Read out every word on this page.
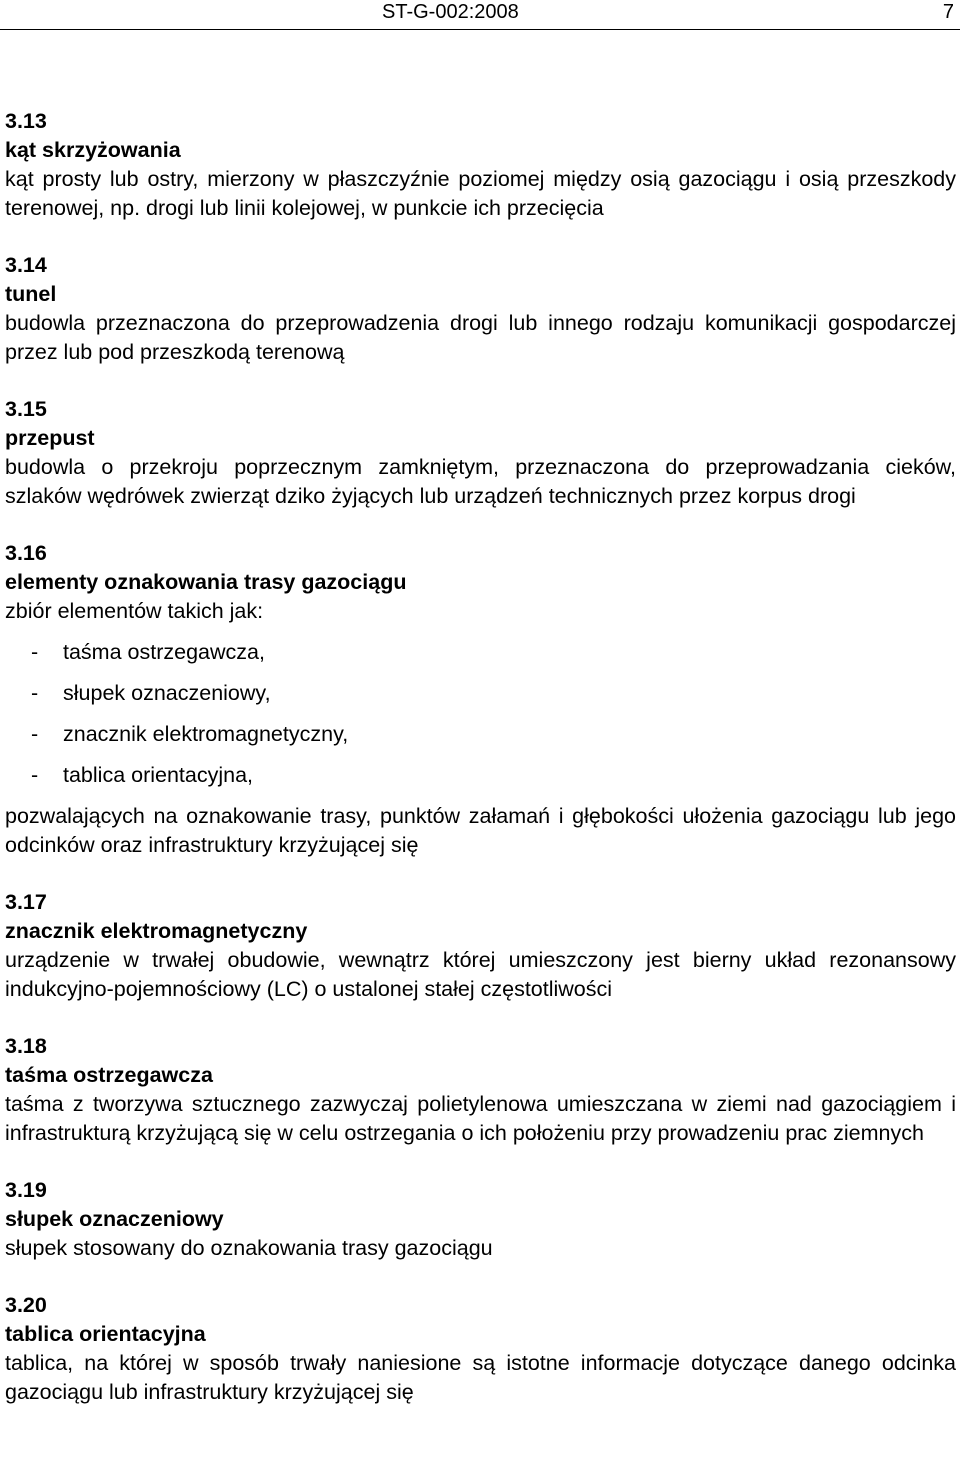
ST-G-002:2008	7
3.13
kąt skrzyżowania
kąt prosty lub ostry, mierzony w płaszczyźnie poziomej między osią gazociągu i osią przeszkody terenowej, np. drogi lub linii kolejowej, w punkcie ich przecięcia
3.14
tunel
budowla przeznaczona do przeprowadzenia drogi lub innego rodzaju komunikacji gospodarczej przez lub pod przeszkodą terenową
3.15
przepust
budowla o przekroju poprzecznym zamkniętym, przeznaczona do przeprowadzania cieków, szlaków wędrówek zwierząt dziko żyjących lub urządzeń technicznych przez korpus drogi
3.16
elementy oznakowania trasy gazociągu
zbiór elementów takich jak:
- taśma ostrzegawcza,
- słupek oznaczeniowy,
- znacznik elektromagnetyczny,
- tablica orientacyjna,
pozwalających na oznakowanie trasy, punktów załamań i głębokości ułożenia gazociągu lub jego odcinków oraz infrastruktury krzyżującej się
3.17
znacznik elektromagnetyczny
urządzenie w trwałej obudowie, wewnątrz której umieszczony jest bierny układ rezonansowy indukcyjno-pojemnościowy (LC) o ustalonej stałej częstotliwości
3.18
taśma ostrzegawcza
taśma z tworzywa sztucznego zazwyczaj polietylenowa umieszczana w ziemi nad gazociągiem i infrastrukturą krzyżującą się w celu ostrzegania o ich położeniu przy prowadzeniu prac ziemnych
3.19
słupek oznaczeniowy
słupek stosowany do oznakowania trasy gazociągu
3.20
tablica orientacyjna
tablica, na której w sposób trwały naniesione są istotne informacje dotyczące danego odcinka gazociągu lub infrastruktury krzyżującej się
